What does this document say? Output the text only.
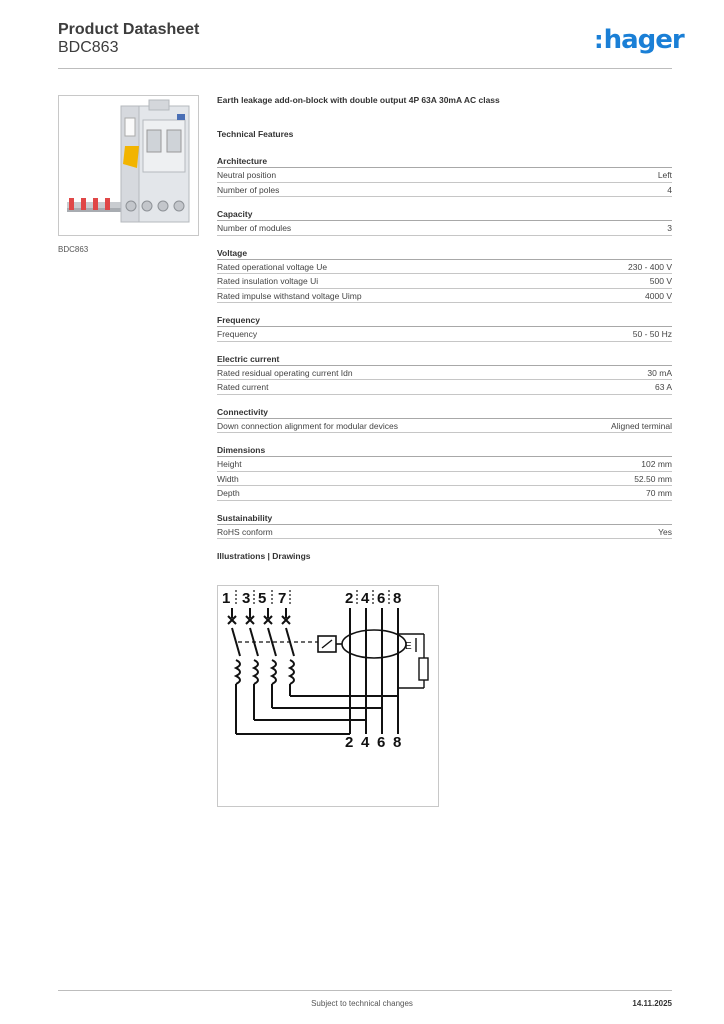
Product Datasheet
BDC863	:hager
BDC863
Earth leakage add-on-block with double output 4P 63A 30mA AC class
Technical Features
Architecture
Neutral position	Left
Number of poles	4
Capacity
Number of modules	3
Voltage
Rated operational voltage Ue	230 - 400 V
Rated insulation voltage Ui	500 V
Rated impulse withstand voltage Uimp	4000 V
Frequency
Frequency	50 - 50 Hz
Electric current
Rated residual operating current Idn	30 mA
Rated current	63 A
Connectivity
Down connection alignment for modular devices	Aligned terminal
Dimensions
Height	102 mm
Width	52.50 mm
Depth	70 mm
Sustainability
RoHS conform	Yes
Illustrations | Drawings
1 3 5 7	2 4 6 8
2 4 6 8
E
Subject to technical changes	14.11.2025
